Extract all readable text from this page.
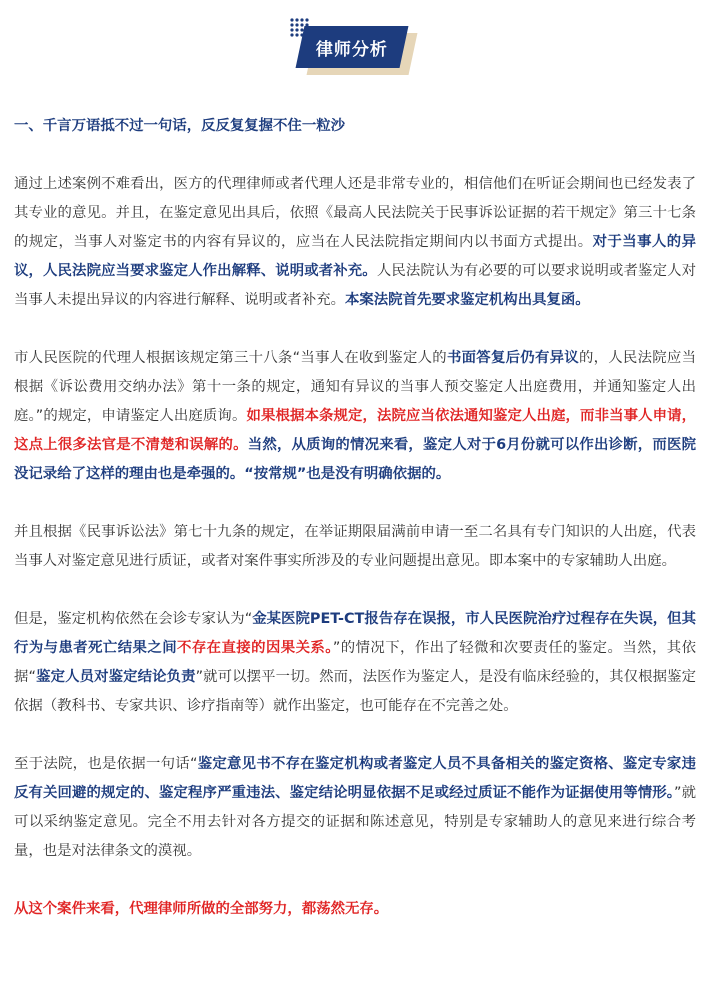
律师分析

一、千言万语抵不过一句话，反反复复握不住一粒沙

通过上述案例不难看出，医方的代理律师或者代理人还是非常专业的，相信他们在听证会期间也已经发表了其专业的意见。并且，在鉴定意见出具后，依照《最高人民法院关于民事诉讼证据的若干规定》第三十七条的规定，当事人对鉴定书的内容有异议的，应当在人民法院指定期间内以书面方式提出。对于当事人的异议，人民法院应当要求鉴定人作出解释、说明或者补充。人民法院认为有必要的可以要求说明或者鉴定人对当事人未提出异议的内容进行解释、说明或者补充。本案法院首先要求鉴定机构出具复函。

市人民医院的代理人根据该规定第三十八条“当事人在收到鉴定人的书面答复后仍有异议的，人民法院应当根据《诉讼费用交纳办法》第十一条的规定，通知有异议的当事人预交鉴定人出庭费用，并通知鉴定人出庭。”的规定，申请鉴定人出庭质询。如果根据本条规定，法院应当依法通知鉴定人出庭，而非当事人申请，这点上很多法官是不清楚和误解的。当然，从质询的情况来看，鉴定人对于6月份就可以作出诊断，而医院没记录给了这样的理由也是牵强的。“按常规”也是没有明确依据的。

并且根据《民事诉讼法》第七十九条的规定，在举证期限届满前申请一至二名具有专门知识的人出庭，代表当事人对鉴定意见进行质证，或者对案件事实所涉及的专业问题提出意见。即本案中的专家辅助人出庭。

但是，鉴定机构依然在会诊专家认为“金某医院PET-CT报告存在误报，市人民医院治疗过程存在失误，但其行为与患者死亡结果之间不存在直接的因果关系。”的情况下，作出了轻微和次要责任的鉴定。当然，其依据“鉴定人员对鉴定结论负责”就可以摆平一切。然而，法医作为鉴定人，是没有临床经验的，其仅根据鉴定依据（教科书、专家共识、诊疗指南等）就作出鉴定，也可能存在不完善之处。

至于法院，也是依据一句话“鉴定意见书不存在鉴定机构或者鉴定人员不具备相关的鉴定资格、鉴定专家违反有关回避的规定的、鉴定程序严重违法、鉴定结论明显依据不足或经过质证不能作为证据使用等情形。”就可以采纳鉴定意见。完全不用去针对各方提交的证据和陈述意见，特别是专家辅助人的意见来进行综合考量，也是对法律条文的漠视。

从这个案件来看，代理律师所做的全部努力，都荡然无存。
